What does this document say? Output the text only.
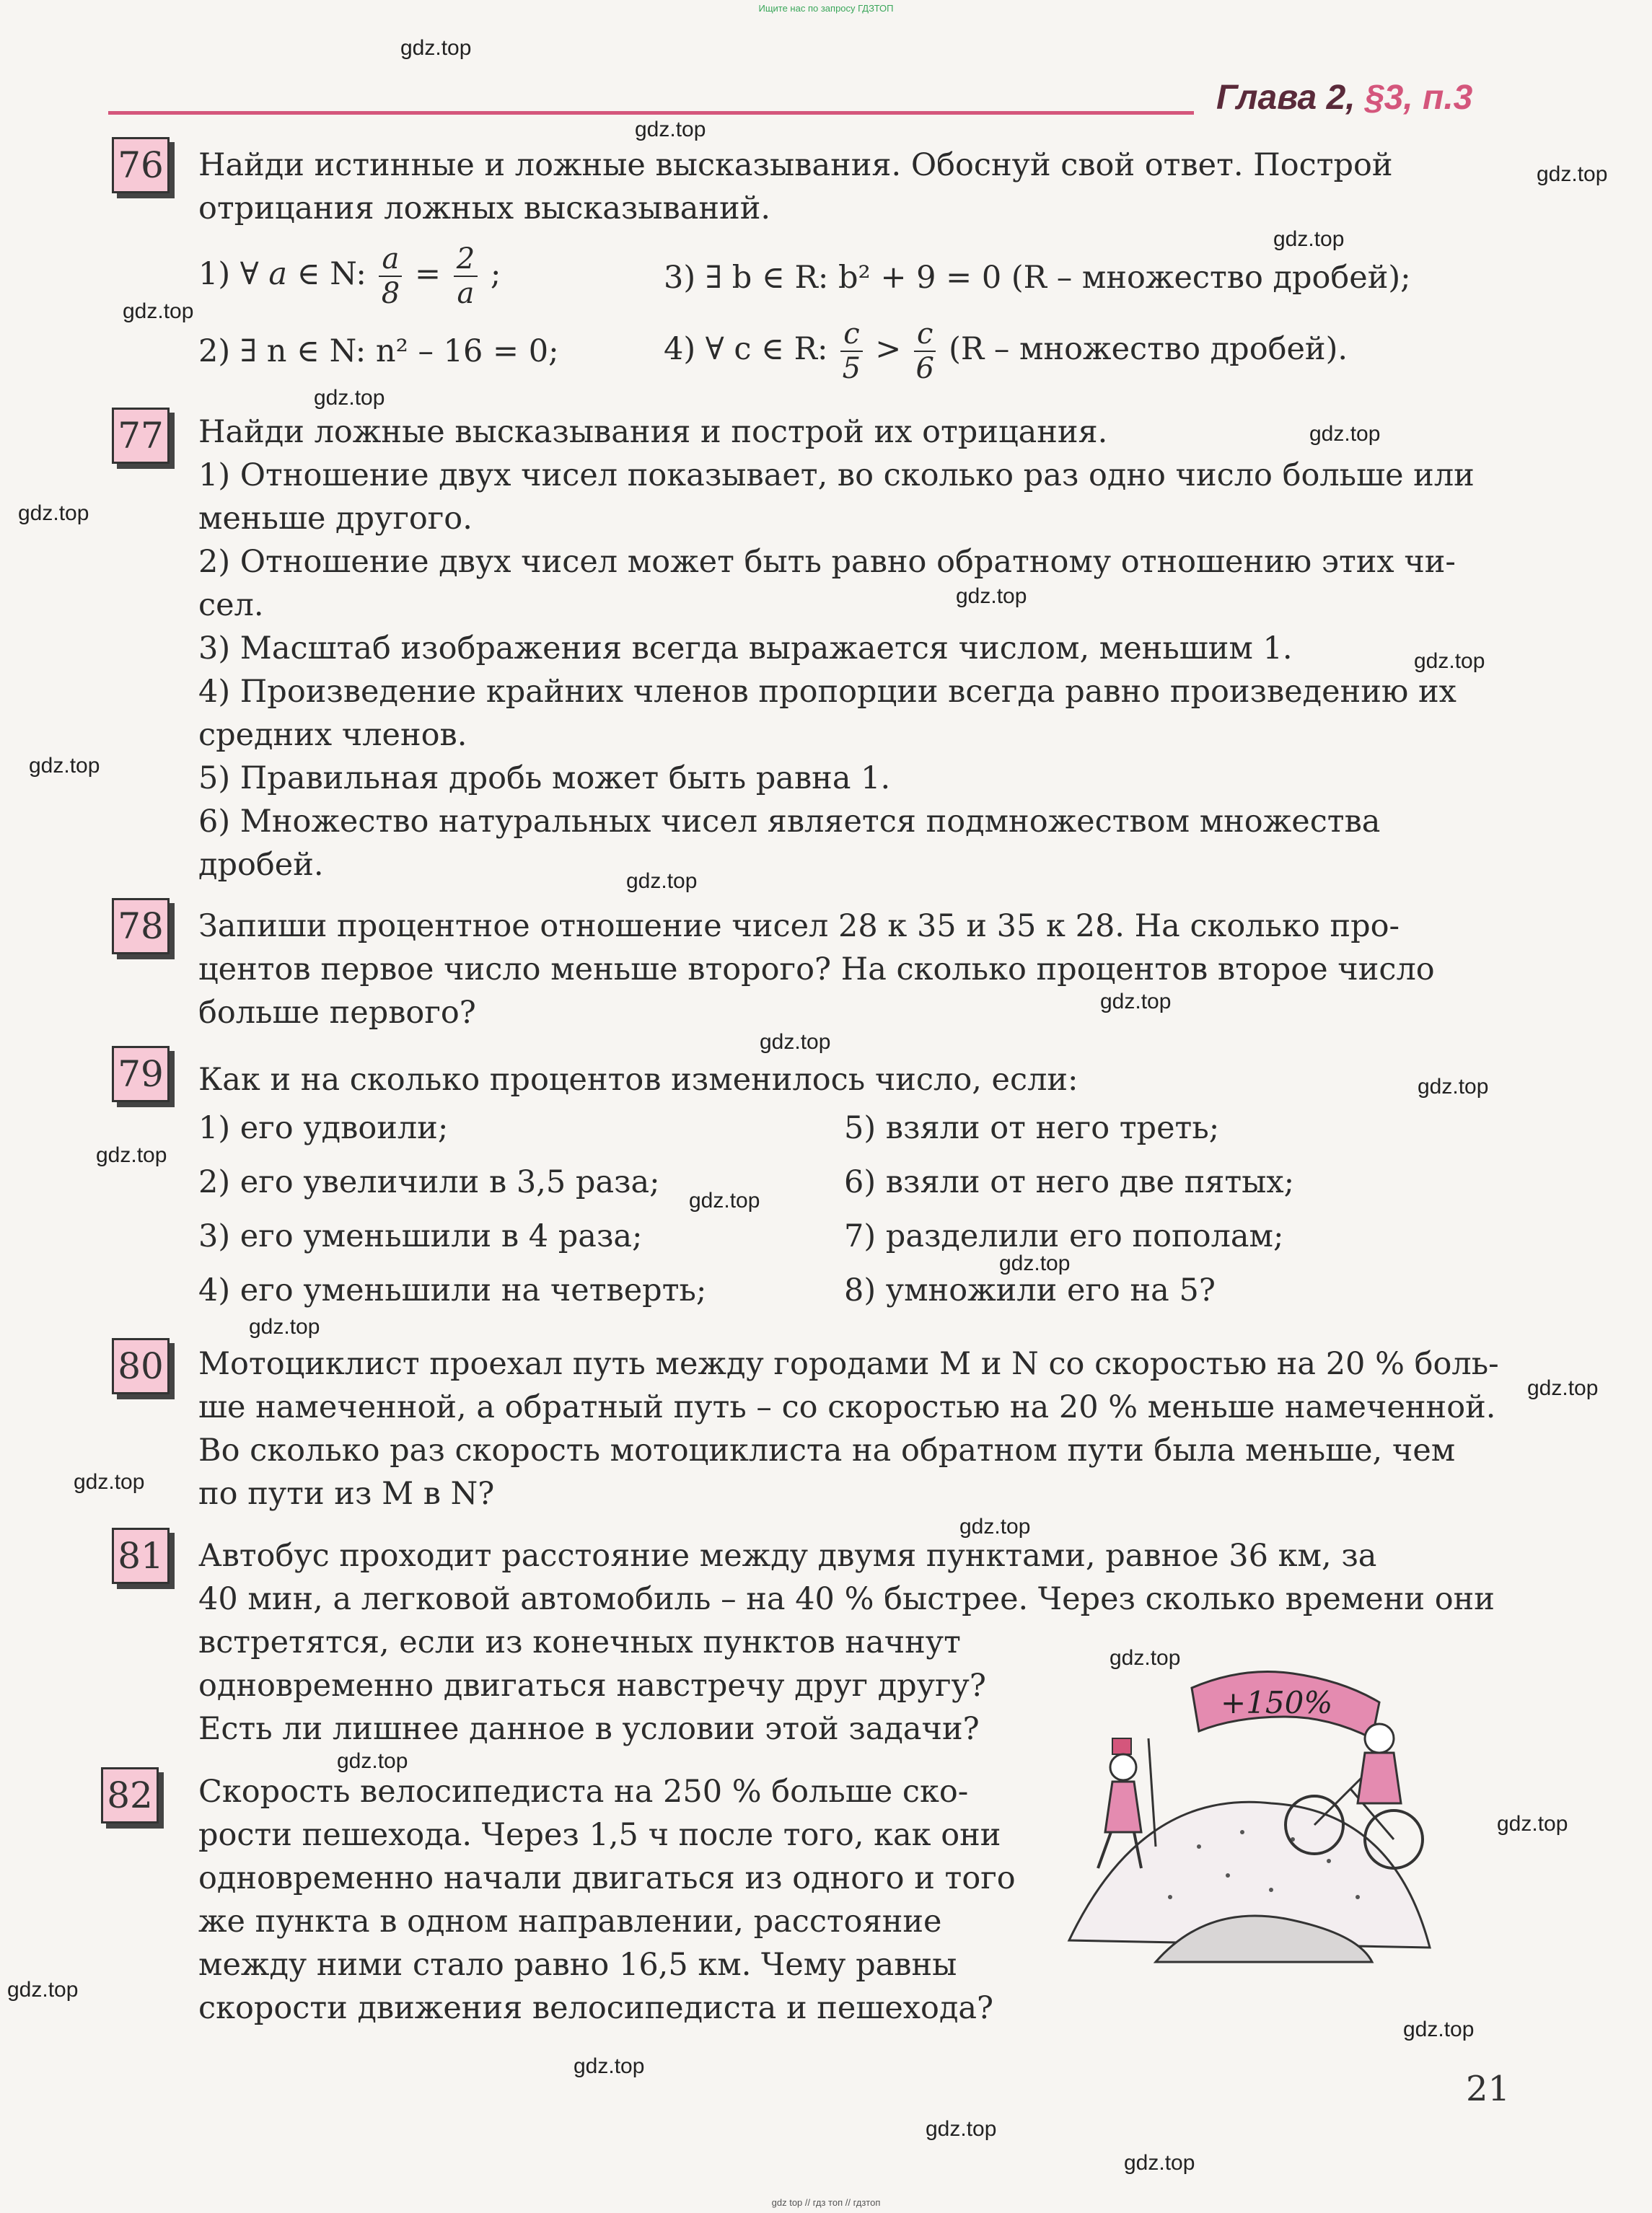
Ищите нас по запросу ГДЗТОП
Глава 2, §3, п.3
76 Найди истинные и ложные высказывания. Обоснуй свой ответ. Построй
отрицания ложных высказываний.
1) ∀ a ∈ N: $\frac{a}{8} = \frac{2}{a}$ ;	3) ∃ b ∈ R: b² + 9 = 0 (R – множество дробей);
2) ∃ n ∈ N: n² – 16 = 0;	4) ∀ c ∈ R: $\frac{c}{5} > \frac{c}{6} (R$ – множество дробей).
77 Найди ложные высказывания и построй их отрицания.
1) Отношение двух чисел показывает, во сколько раз одно число больше или
меньше другого.
2) Отношение двух чисел может быть равно обратному отношению этих чи-
сел.
3) Масштаб изображения всегда выражается числом, меньшим 1.
4) Произведение крайних членов пропорции всегда равно произведению их
средних членов.
5) Правильная дробь может быть равна 1.
6) Множество натуральных чисел является подмножеством множества
дробей.
78 Запиши процентное отношение чисел 28 к 35 и 35 к 28. На сколько про-
центов первое число меньше второго? На сколько процентов второе число
больше первого?
79 Как и на сколько процентов изменилось число, если:
1) его удвоили;
2) его увеличили в 3,5 раза;
3) его уменьшили в 4 раза;
4) его уменьшили на четверть;
5) взяли от него треть;
6) взяли от него две пятых;
7) разделили его пополам;
8) умножили его на 5?
80 Мотоциклист проехал путь между городами M и N со скоростью на 20 % боль-
ше намеченной, а обратный путь – со скоростью на 20 % меньше намеченной.
Во сколько раз скорость мотоциклиста на обратном пути была меньше, чем
по пути из M в N?
81 Автобус проходит расстояние между двумя пунктами, равное 36 км, за
40 мин, а легковой автомобиль – на 40 % быстрее. Через сколько времени они
встретятся, если из конечных пунктов начнут
одновременно двигаться навстречу друг другу?
Есть ли лишнее данное в условии этой задачи?
82 Скорость велосипедиста на 250 % больше ско-
рости пешехода. Через 1,5 ч после того, как они
одновременно начали двигаться из одного и того
же пункта в одном направлении, расстояние
между ними стало равно 16,5 км. Чему равны
скорости движения велосипедиста и пешехода?
+150%
21
gdz.top
gdz.top
gdz.top
gdz.top
gdz.top
gdz.top
gdz.top
gdz.top
gdz.top
gdz.top
gdz.top
gdz.top
gdz.top
gdz.top
gdz.top
gdz.top
gdz.top
gdz.top
gdz.top
gdz.top
gdz.top
gdz.top
gdz.top
gdz.top
gdz.top
gdz.top
gdz.top
gdz.top
gdz.top
gdz.top
gdz top // гдз топ // гдзтоп
